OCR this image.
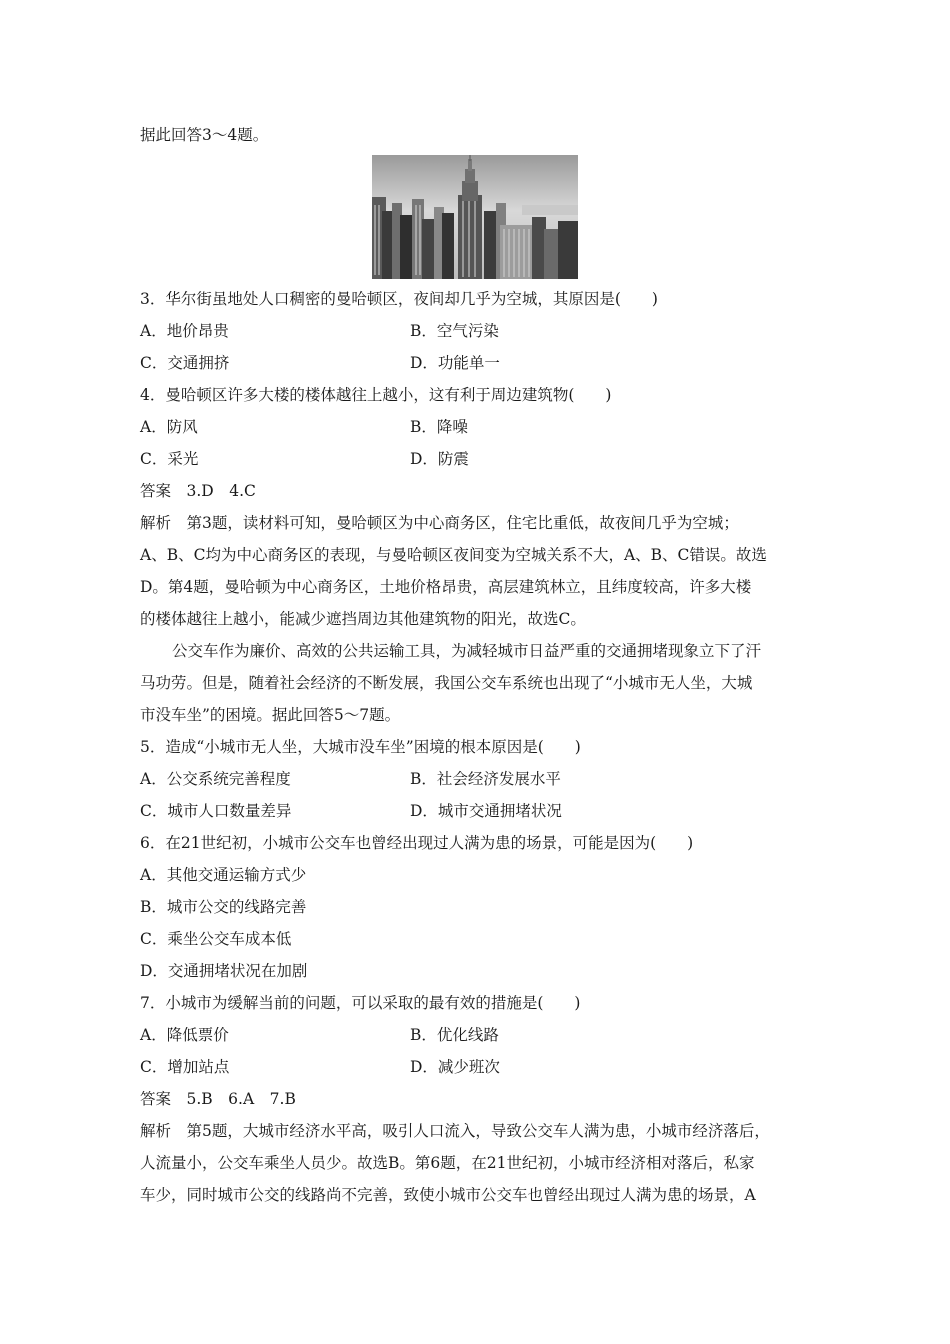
据此回答3～4题。
3．华尔街虽地处人口稠密的曼哈顿区，夜间却几乎为空城，其原因是(　　)
A．地价昂贵	B．空气污染
C．交通拥挤	D．功能单一
4．曼哈顿区许多大楼的楼体越往上越小，这有利于周边建筑物(　　)
A．防风	B．降噪
C．采光	D．防震
答案　3.D　4.C
解析　第3题，读材料可知，曼哈顿区为中心商务区，住宅比重低，故夜间几乎为空城；
A、B、C均为中心商务区的表现，与曼哈顿区夜间变为空城关系不大，A、B、C错误。故选
D。第4题，曼哈顿为中心商务区，土地价格昂贵，高层建筑林立，且纬度较高，许多大楼
的楼体越往上越小，能减少遮挡周边其他建筑物的阳光，故选C。
公交车作为廉价、高效的公共运输工具，为减轻城市日益严重的交通拥堵现象立下了汗
马功劳。但是，随着社会经济的不断发展，我国公交车系统也出现了“小城市无人坐，大城
市没车坐”的困境。据此回答5～7题。
5．造成“小城市无人坐，大城市没车坐”困境的根本原因是(　　)
A．公交系统完善程度	B．社会经济发展水平
C．城市人口数量差异	D．城市交通拥堵状况
6．在21世纪初，小城市公交车也曾经出现过人满为患的场景，可能是因为(　　)
A．其他交通运输方式少
B．城市公交的线路完善
C．乘坐公交车成本低
D．交通拥堵状况在加剧
7．小城市为缓解当前的问题，可以采取的最有效的措施是(　　)
A．降低票价	B．优化线路
C．增加站点	D．减少班次
答案　5.B　6.A　7.B
解析　第5题，大城市经济水平高，吸引人口流入，导致公交车人满为患，小城市经济落后，
人流量小，公交车乘坐人员少。故选B。第6题，在21世纪初，小城市经济相对落后，私家
车少，同时城市公交的线路尚不完善，致使小城市公交车也曾经出现过人满为患的场景，A
